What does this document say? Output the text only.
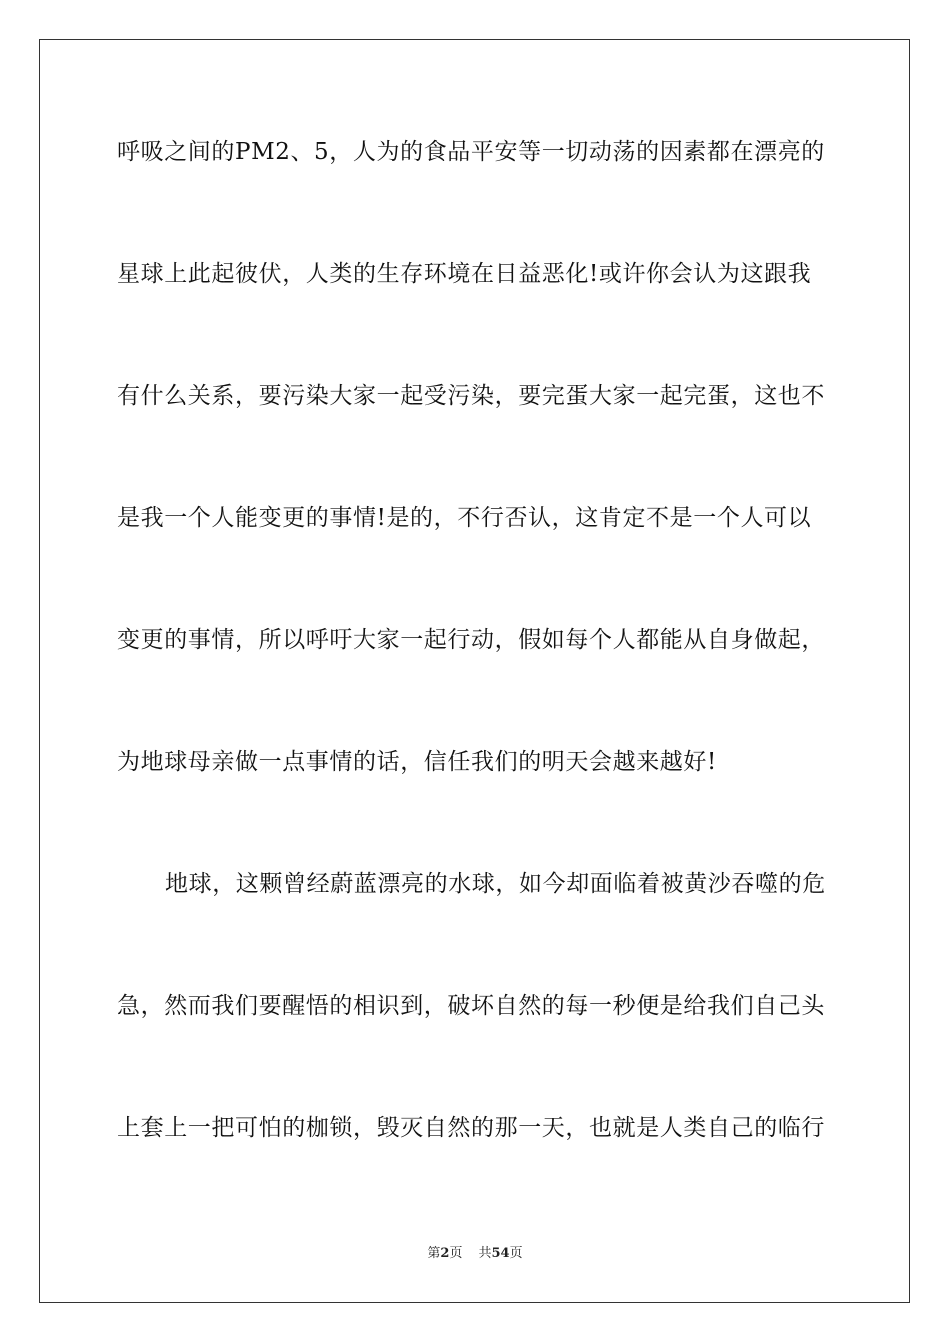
呼吸之间的PM2、5，人为的食品平安等一切动荡的因素都在漂亮的
星球上此起彼伏，人类的生存环境在日益恶化!或许你会认为这跟我
有什么关系，要污染大家一起受污染，要完蛋大家一起完蛋，这也不
是我一个人能变更的事情!是的，不行否认，这肯定不是一个人可以
变更的事情，所以呼吁大家一起行动，假如每个人都能从自身做起，
为地球母亲做一点事情的话，信任我们的明天会越来越好!
地球，这颗曾经蔚蓝漂亮的水球，如今却面临着被黄沙吞噬的危
急，然而我们要醒悟的相识到，破坏自然的每一秒便是给我们自己头
上套上一把可怕的枷锁，毁灭自然的那一天，也就是人类自己的临行
第2页 共54页
